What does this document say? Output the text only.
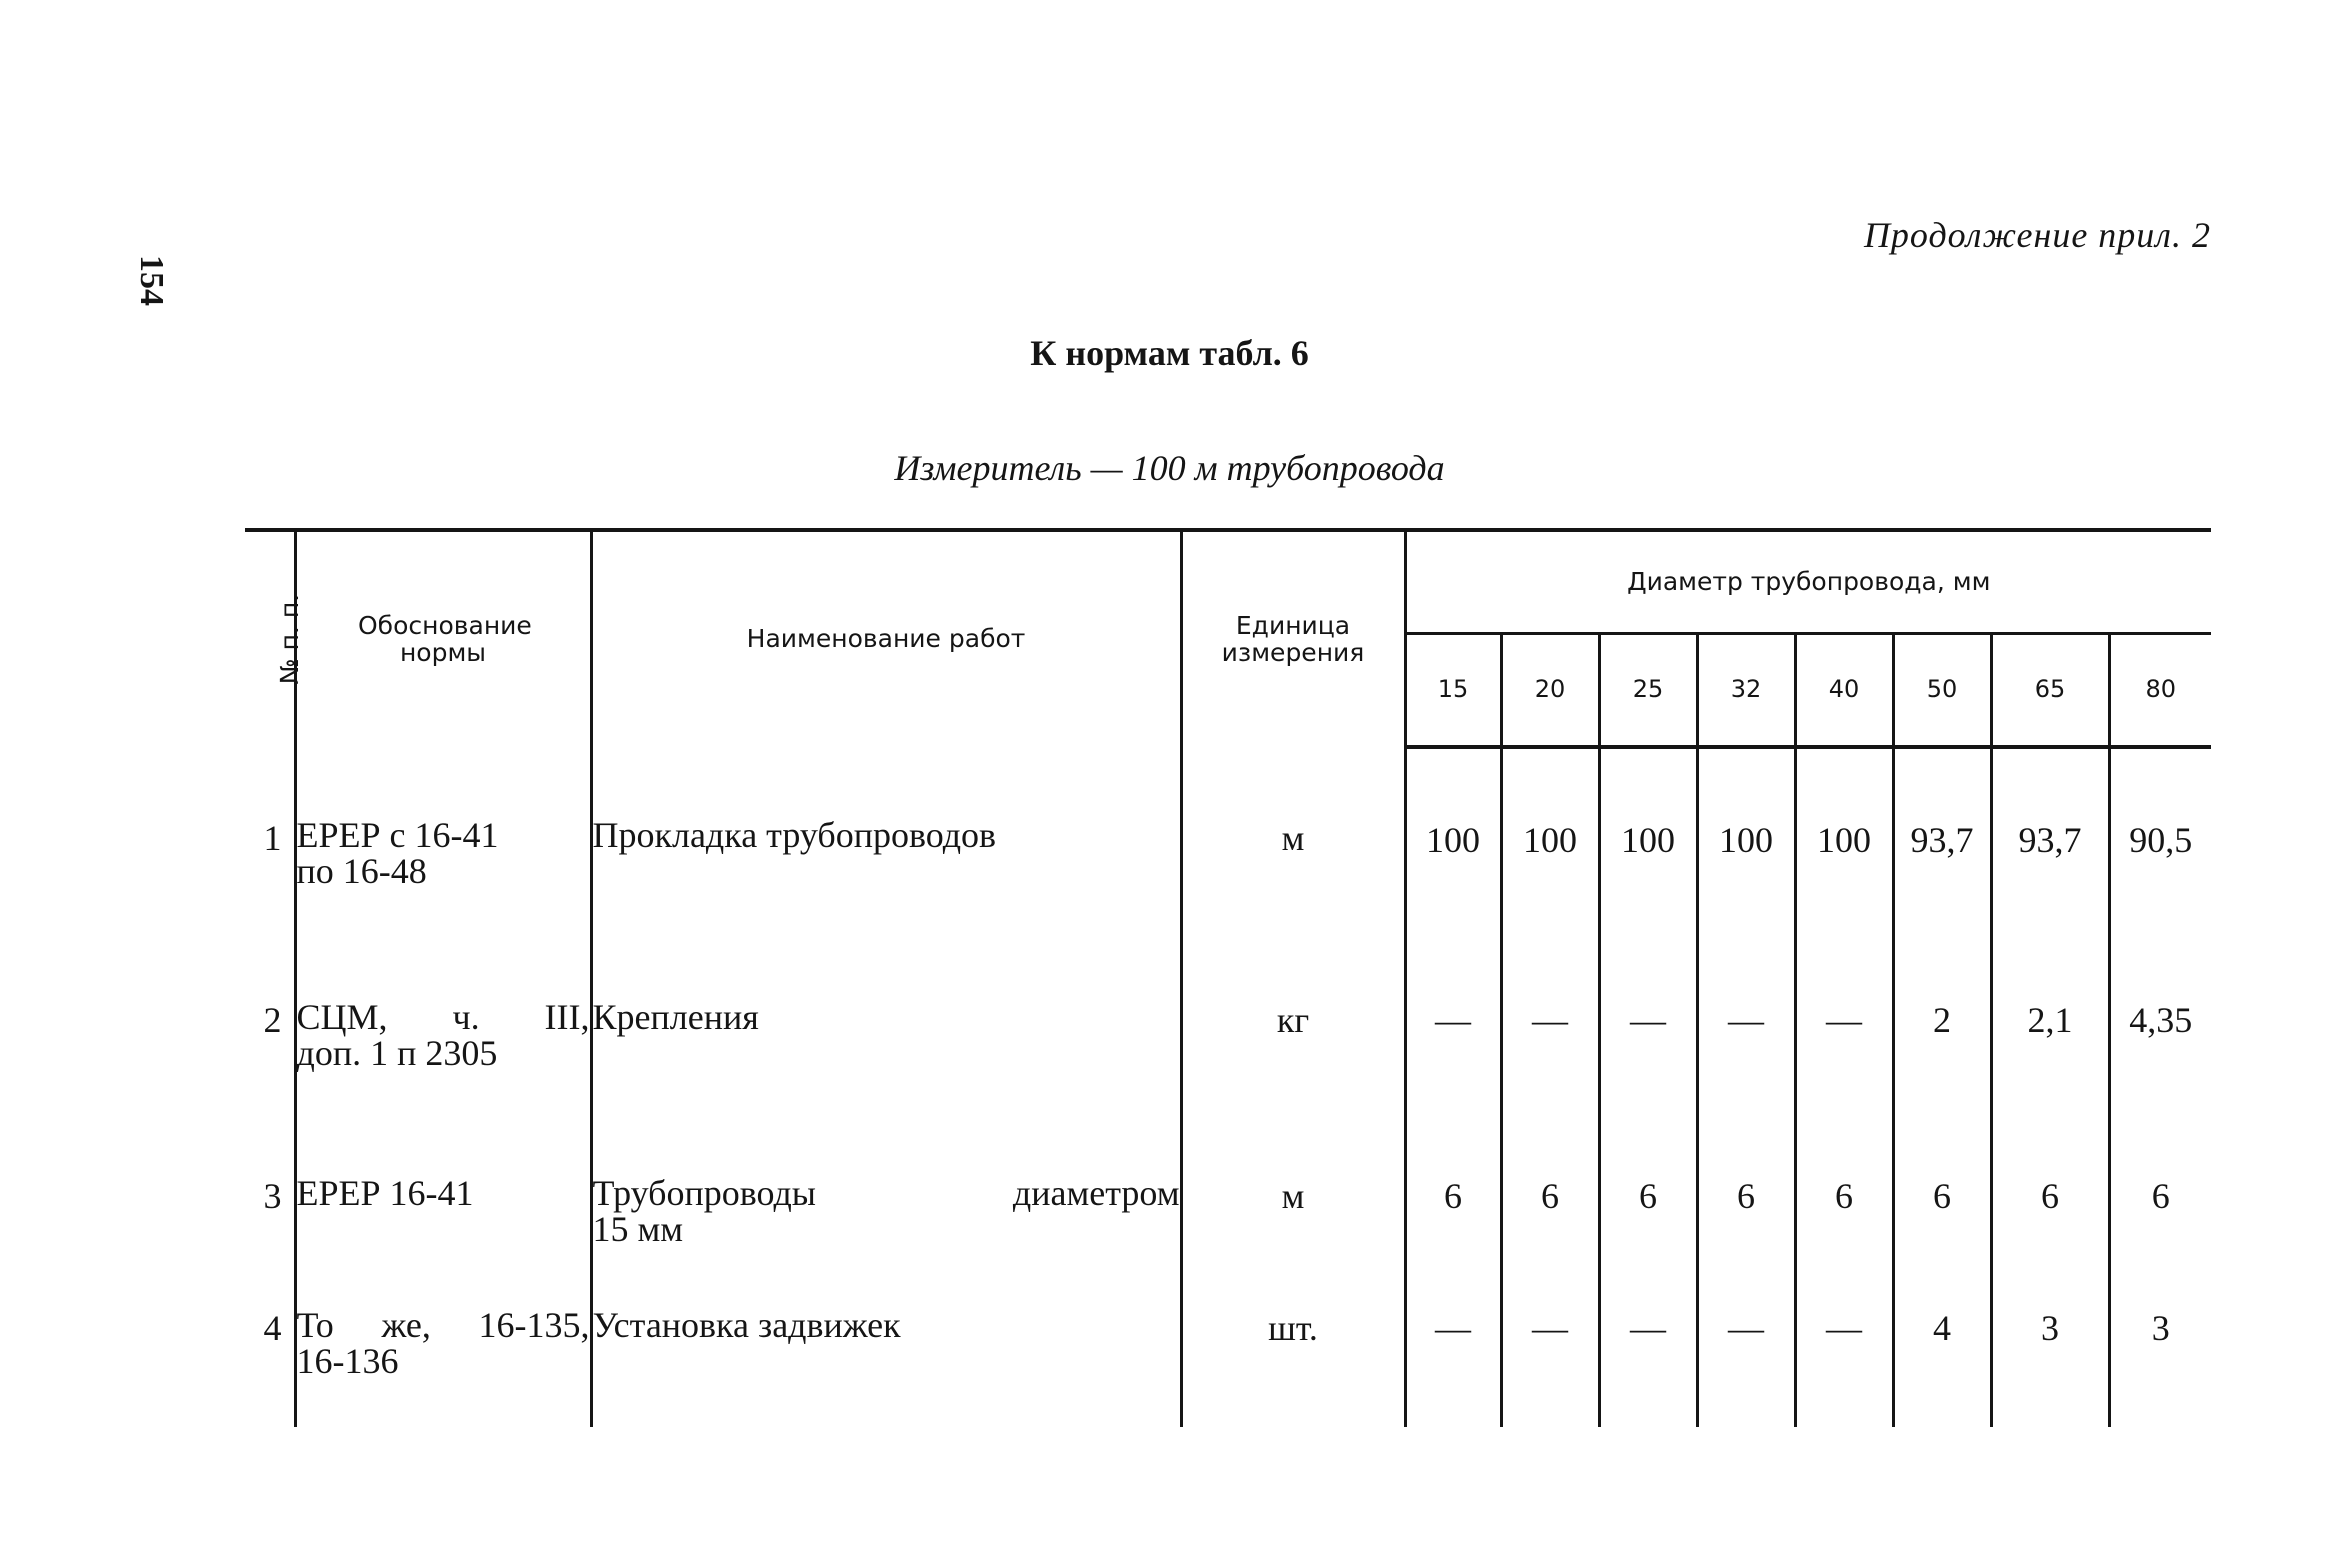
154
Продолжение прил. 2
К нормам табл. 6
Измеритель — 100 м трубопровода
№ п. п.	Обоснование нормы	Наименование работ	Единица измерения	Диаметр трубопровода, мм							
				15	20	25	32	40	50	65	80
1	ЕРЕР с 16-41
по 16-48	Прокладка трубопроводов	м	100	100	100	100	100	93,7	93,7	90,5
2	СЦМ, ч. III,
доп. 1 п 2305	Крепления	кг	—	—	—	—	—	2	2,1	4,35
3	ЕРЕР 16-41	Трубопроводы диаметром
15 мм	м	6	6	6	6	6	6	6	6
4	То же, 16-135,
16-136	Установка задвижек	шт.	—	—	—	—	—	4	3	3
